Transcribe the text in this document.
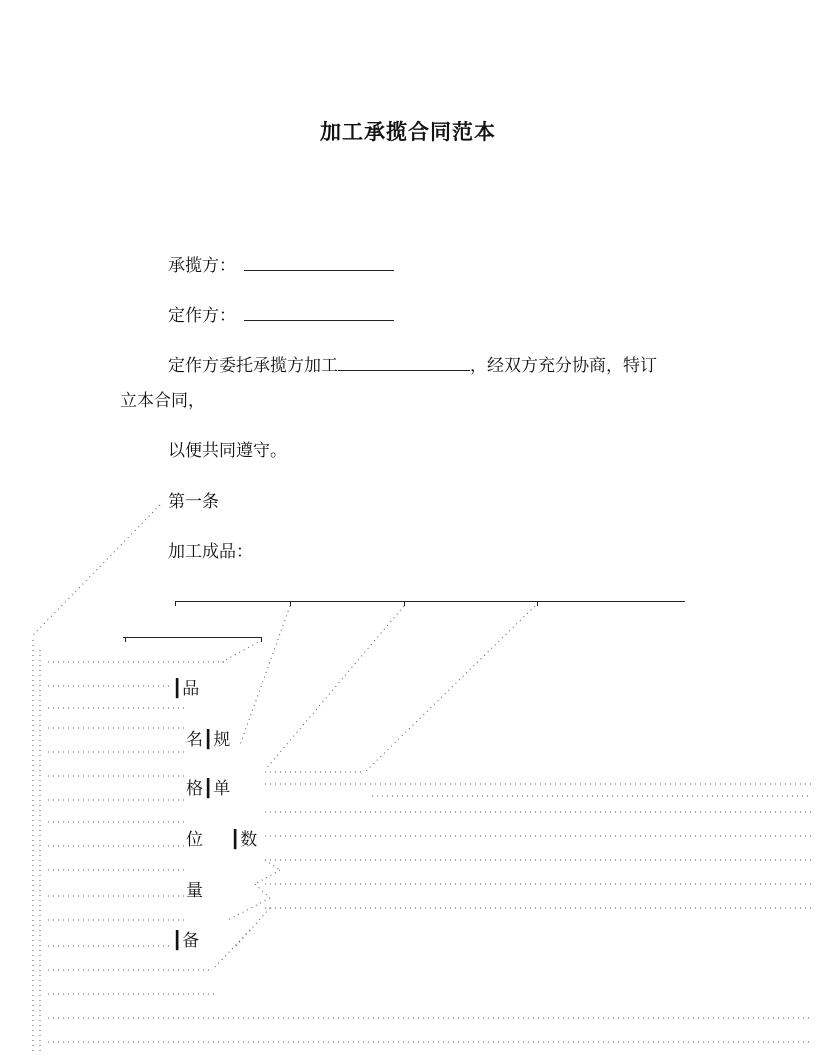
加工承揽合同范本
承揽方：
定作方：
定作方委托承揽方加工	，经双方充分协商，特订
立本合同，
以便共同遵守。
第一条
加工成品：
┃品
名┃规
格┃单
位 ┃数
量
┃备
